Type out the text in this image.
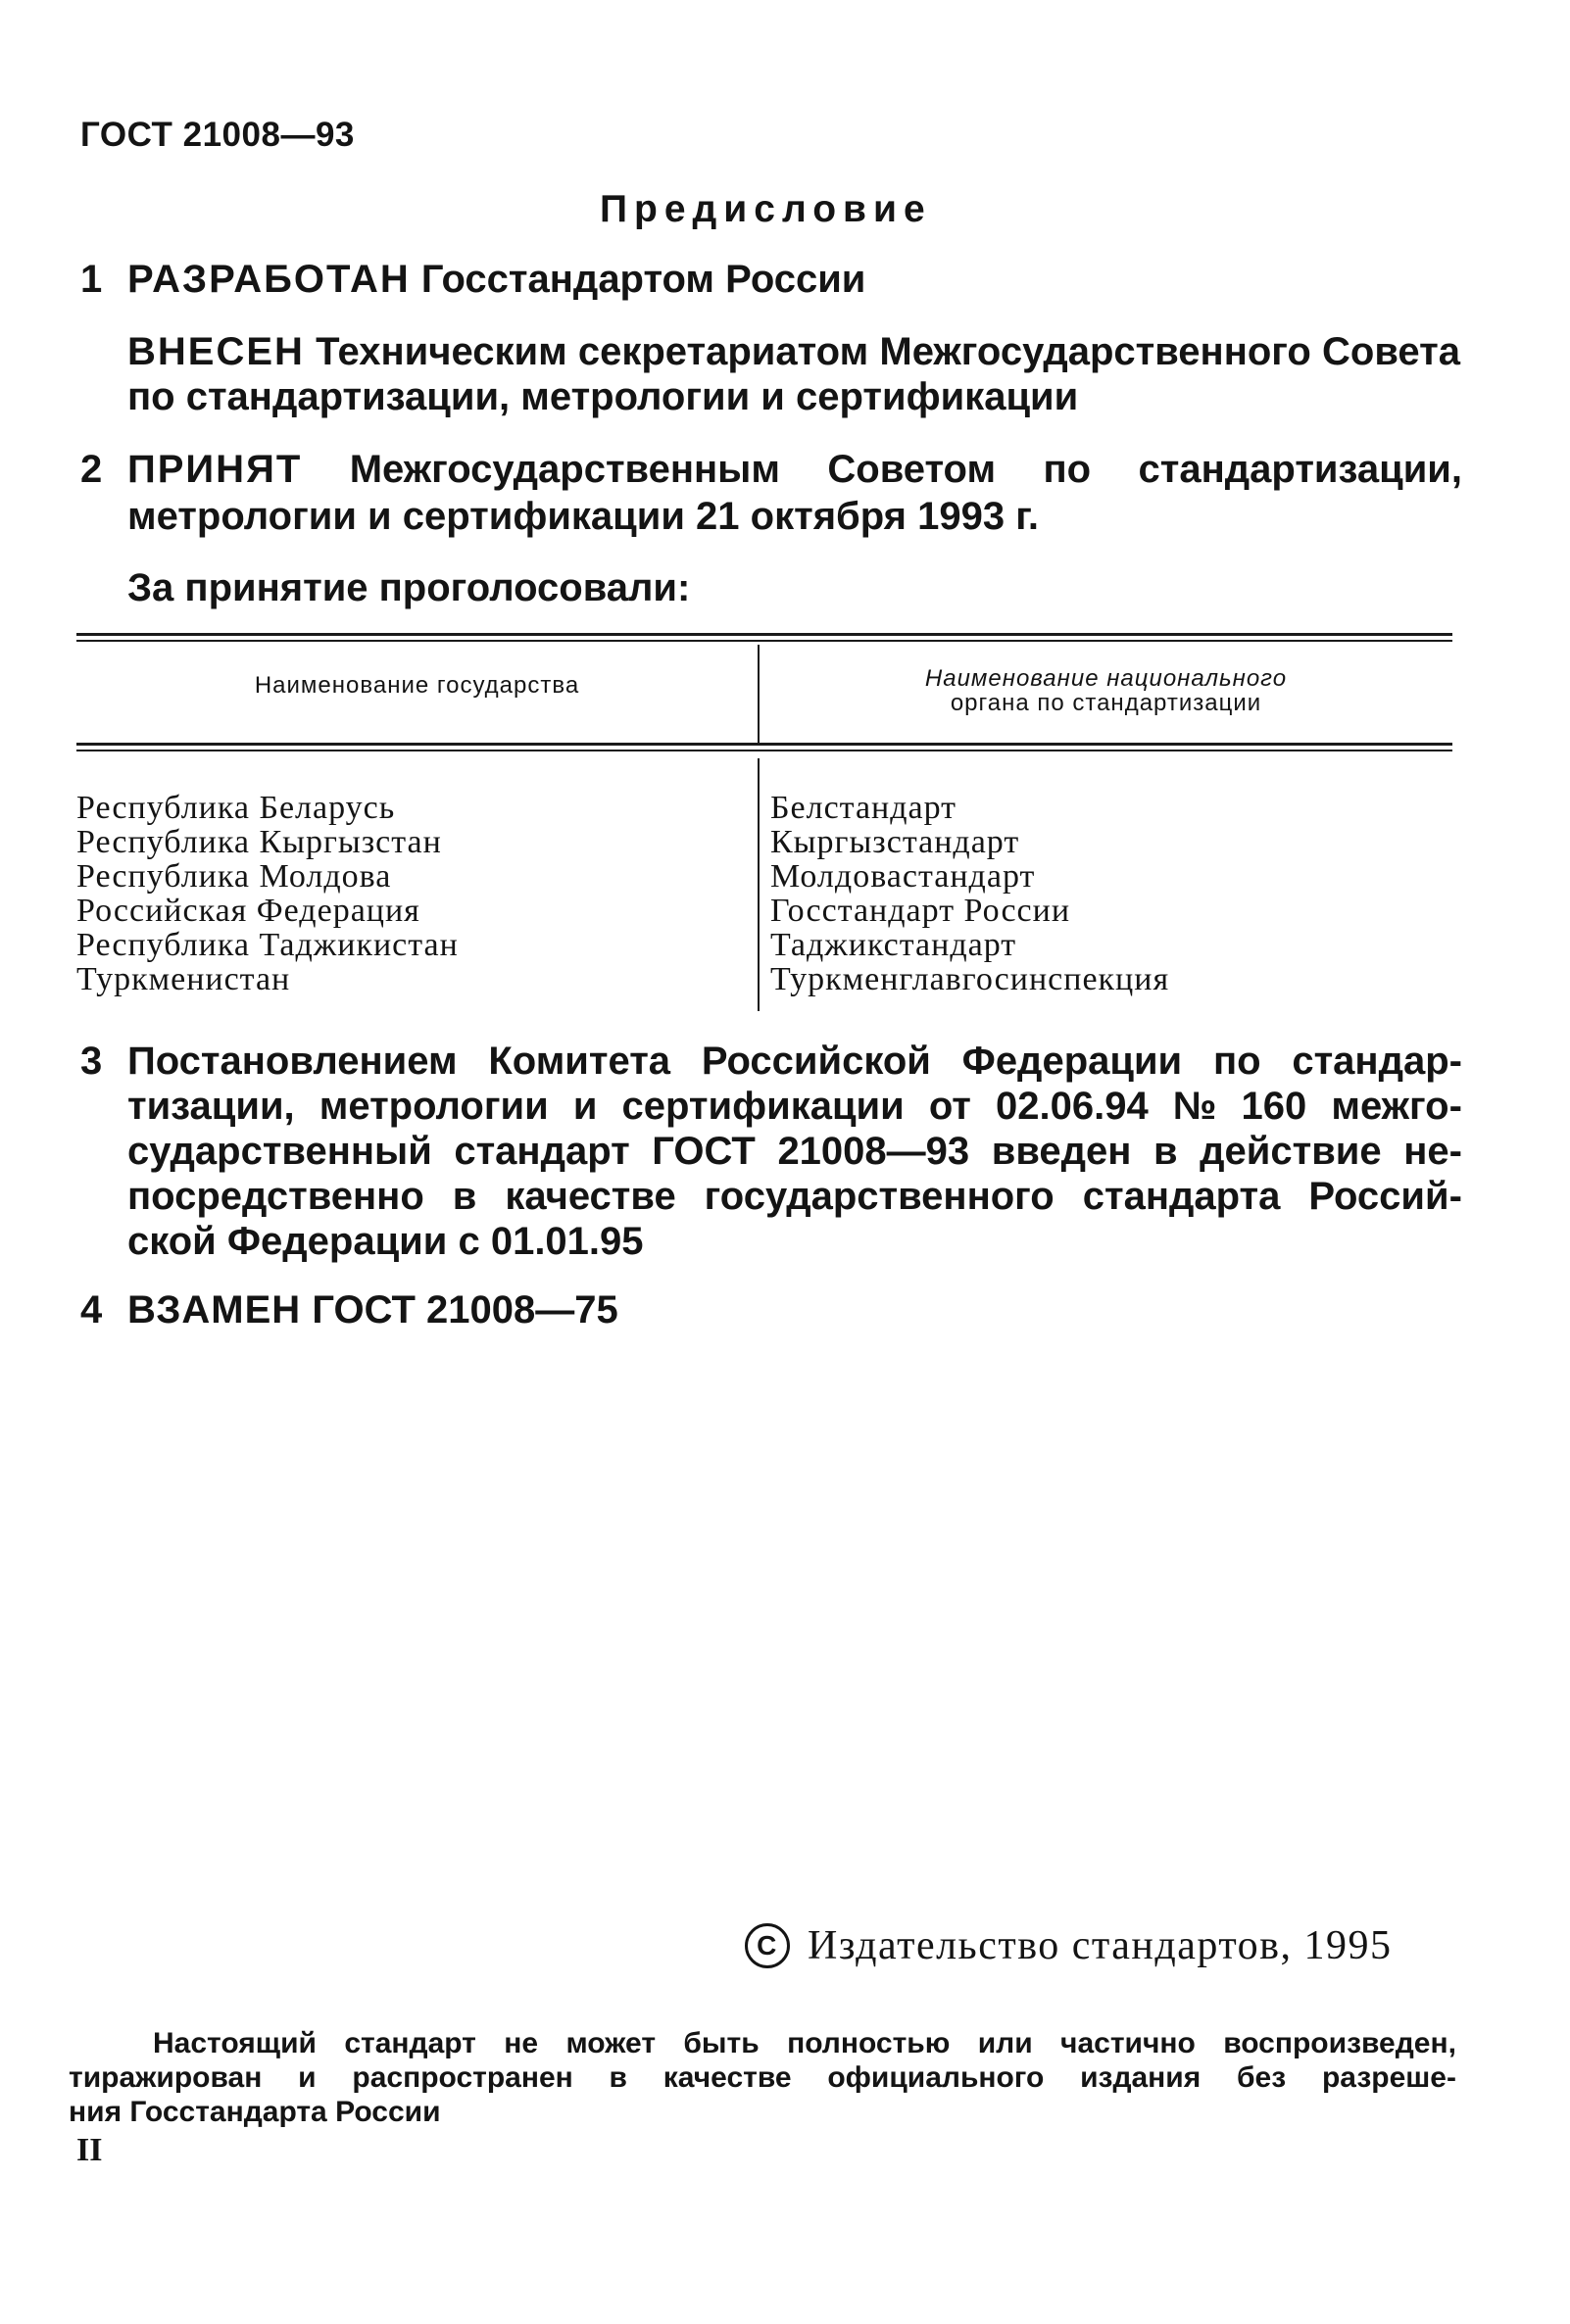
ГОСТ 21008—93
Предисловие
1 РАЗРАБОТАН Госстандартом России
ВНЕСЕН Техническим секретариатом Межгосударственного Совета по стандартизации, метрологии и сертификации
2 ПРИНЯТ Межгосударственным Советом по стандартизации,
метрологии и сертификации 21 октября 1993 г.
За принятие проголосовали:
Наименование государства	Наименование национального
органа по стандартизации
Республика Беларусь	Белстандарт
Республика Кыргызстан	Кыргызстандарт
Республика Молдова	Молдовастандарт
Российская Федерация	Госстандарт России
Республика Таджикистан	Таджикстандарт
Туркменистан	Туркменглавгосинспекция
3 Постановлением Комитета Российской Федерации по стандар-
тизации, метрологии и сертификации от 02.06.94 № 160 межго-
сударственный стандарт ГОСТ 21008—93 введен в действие не-
посредственно в качестве государственного стандарта Россий-
ской Федерации с 01.01.95
4 ВЗАМЕН ГОСТ 21008—75
C Издательство стандартов, 1995
Настоящий стандарт не может быть полностью или частично воспроизведен,
тиражирован и распространен в качестве официального издания без разреше-
ния Госстандарта России
II
